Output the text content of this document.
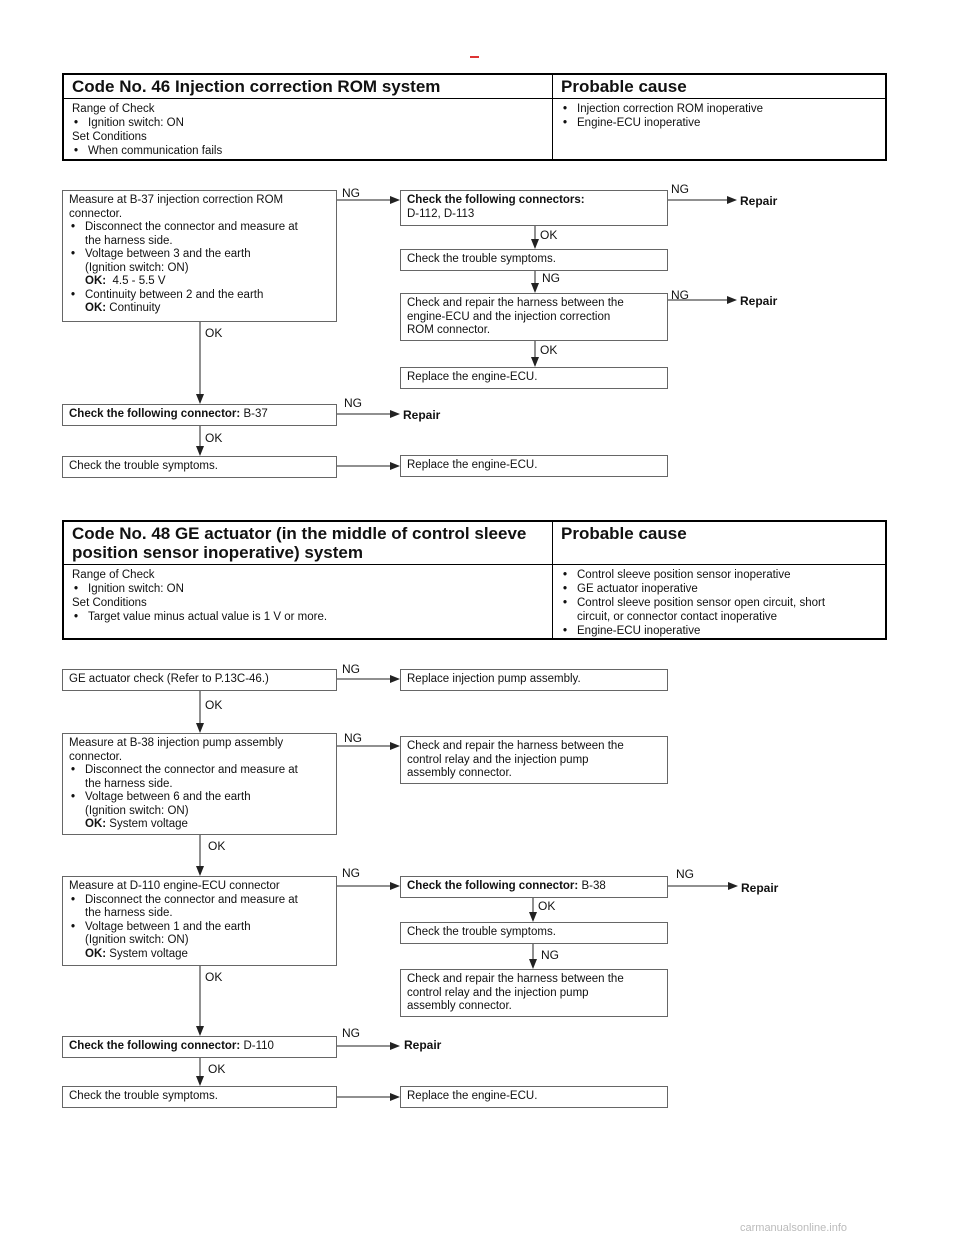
Code No. 46 Injection correction ROM system	Probable cause
Range of Check
• Ignition switch: ON
Set Conditions
• When communication fails
• Injection correction ROM inoperative
• Engine-ECU inoperative
Measure at B-37 injection correction ROM
connector.
• Disconnect the connector and measure at
the harness side.
• Voltage between 3 and the earth
(Ignition switch: ON)
OK: 4.5 - 5.5 V
• Continuity between 2 and the earth
OK: Continuity
Check the following connectors:
D-112, D-113
Check the trouble symptoms.
Check and repair the harness between the
engine-ECU and the injection correction
ROM connector.
Replace the engine-ECU.
Check the following connector: B-37
Check the trouble symptoms.	Replace the engine-ECU.
NG	NG
Repair
OK
NG
NG	Repair
OK
OK
NG
Repair
OK
Code No. 48 GE actuator (in the middle of control sleeve
position sensor inoperative) system
Probable cause
Range of Check
• Ignition switch: ON
Set Conditions
• Target value minus actual value is 1 V or more.
• Control sleeve position sensor inoperative
• GE actuator inoperative
• Control sleeve position sensor open circuit, short
circuit, or connector contact inoperative
• Engine-ECU inoperative
GE actuator check (Refer to P.13C-46.)	Replace injection pump assembly.
Measure at B-38 injection pump assembly
connector.
• Disconnect the connector and measure at
the harness side.
• Voltage between 6 and the earth
(Ignition switch: ON)
OK: System voltage
Check and repair the harness between the
control relay and the injection pump
assembly connector.
Measure at D-110 engine-ECU connector
• Disconnect the connector and measure at
the harness side.
• Voltage between 1 and the earth
(Ignition switch: ON)
OK: System voltage
Check the following connector: B-38
Check the trouble symptoms.
Check and repair the harness between the
control relay and the injection pump
assembly connector.
Check the following connector: D-110
Check the trouble symptoms.	Replace the engine-ECU.
NG
OK
NG
OK
NG	NG
Repair
OK
NG
OK
NG
Repair
OK
carmanualsonline.info
